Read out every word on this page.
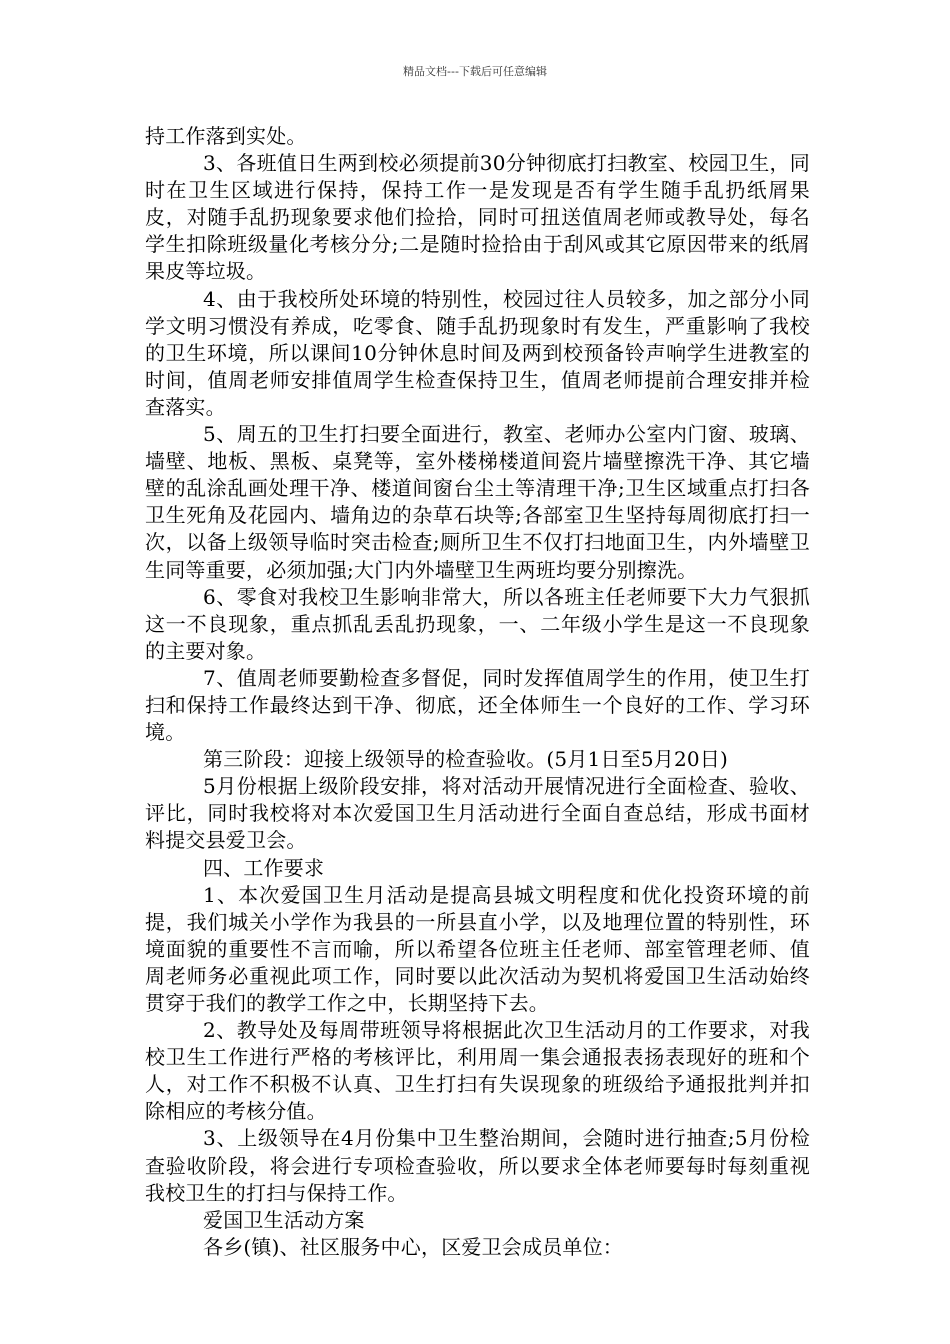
精品文档---下载后可任意编辑

持工作落到实处。

3、各班值日生两到校必须提前30分钟彻底打扫教室、校园卫生，同时在卫生区域进行保持，保持工作一是发现是否有学生随手乱扔纸屑果皮，对随手乱扔现象要求他们捡拾，同时可扭送值周老师或教导处，每名学生扣除班级量化考核分分;二是随时捡拾由于刮风或其它原因带来的纸屑果皮等垃圾。

4、由于我校所处环境的特别性，校园过往人员较多，加之部分小同学文明习惯没有养成，吃零食、随手乱扔现象时有发生，严重影响了我校的卫生环境，所以课间10分钟休息时间及两到校预备铃声响学生进教室的时间，值周老师安排值周学生检查保持卫生，值周老师提前合理安排并检查落实。

5、周五的卫生打扫要全面进行，教室、老师办公室内门窗、玻璃、墙壁、地板、黑板、桌凳等，室外楼梯楼道间瓷片墙壁擦洗干净、其它墙壁的乱涂乱画处理干净、楼道间窗台尘土等清理干净;卫生区域重点打扫各卫生死角及花园内、墙角边的杂草石块等;各部室卫生坚持每周彻底打扫一次，以备上级领导临时突击检查;厕所卫生不仅打扫地面卫生，内外墙壁卫生同等重要，必须加强;大门内外墙壁卫生两班均要分别擦洗。

6、零食对我校卫生影响非常大，所以各班主任老师要下大力气狠抓这一不良现象，重点抓乱丢乱扔现象，一、二年级小学生是这一不良现象的主要对象。

7、值周老师要勤检查多督促，同时发挥值周学生的作用，使卫生打扫和保持工作最终达到干净、彻底，还全体师生一个良好的工作、学习环境。

第三阶段：迎接上级领导的检查验收。(5月1日至5月20日)

5月份根据上级阶段安排，将对活动开展情况进行全面检查、验收、评比，同时我校将对本次爱国卫生月活动进行全面自查总结，形成书面材料提交县爱卫会。

四、工作要求

1、本次爱国卫生月活动是提高县城文明程度和优化投资环境的前提，我们城关小学作为我县的一所县直小学，以及地理位置的特别性，环境面貌的重要性不言而喻，所以希望各位班主任老师、部室管理老师、值周老师务必重视此项工作，同时要以此次活动为契机将爱国卫生活动始终贯穿于我们的教学工作之中，长期坚持下去。

2、教导处及每周带班领导将根据此次卫生活动月的工作要求，对我校卫生工作进行严格的考核评比，利用周一集会通报表扬表现好的班和个人，对工作不积极不认真、卫生打扫有失误现象的班级给予通报批判并扣除相应的考核分值。

3、上级领导在4月份集中卫生整治期间，会随时进行抽查;5月份检查验收阶段，将会进行专项检查验收，所以要求全体老师要每时每刻重视我校卫生的打扫与保持工作。

爱国卫生活动方案

各乡(镇)、社区服务中心，区爱卫会成员单位：
